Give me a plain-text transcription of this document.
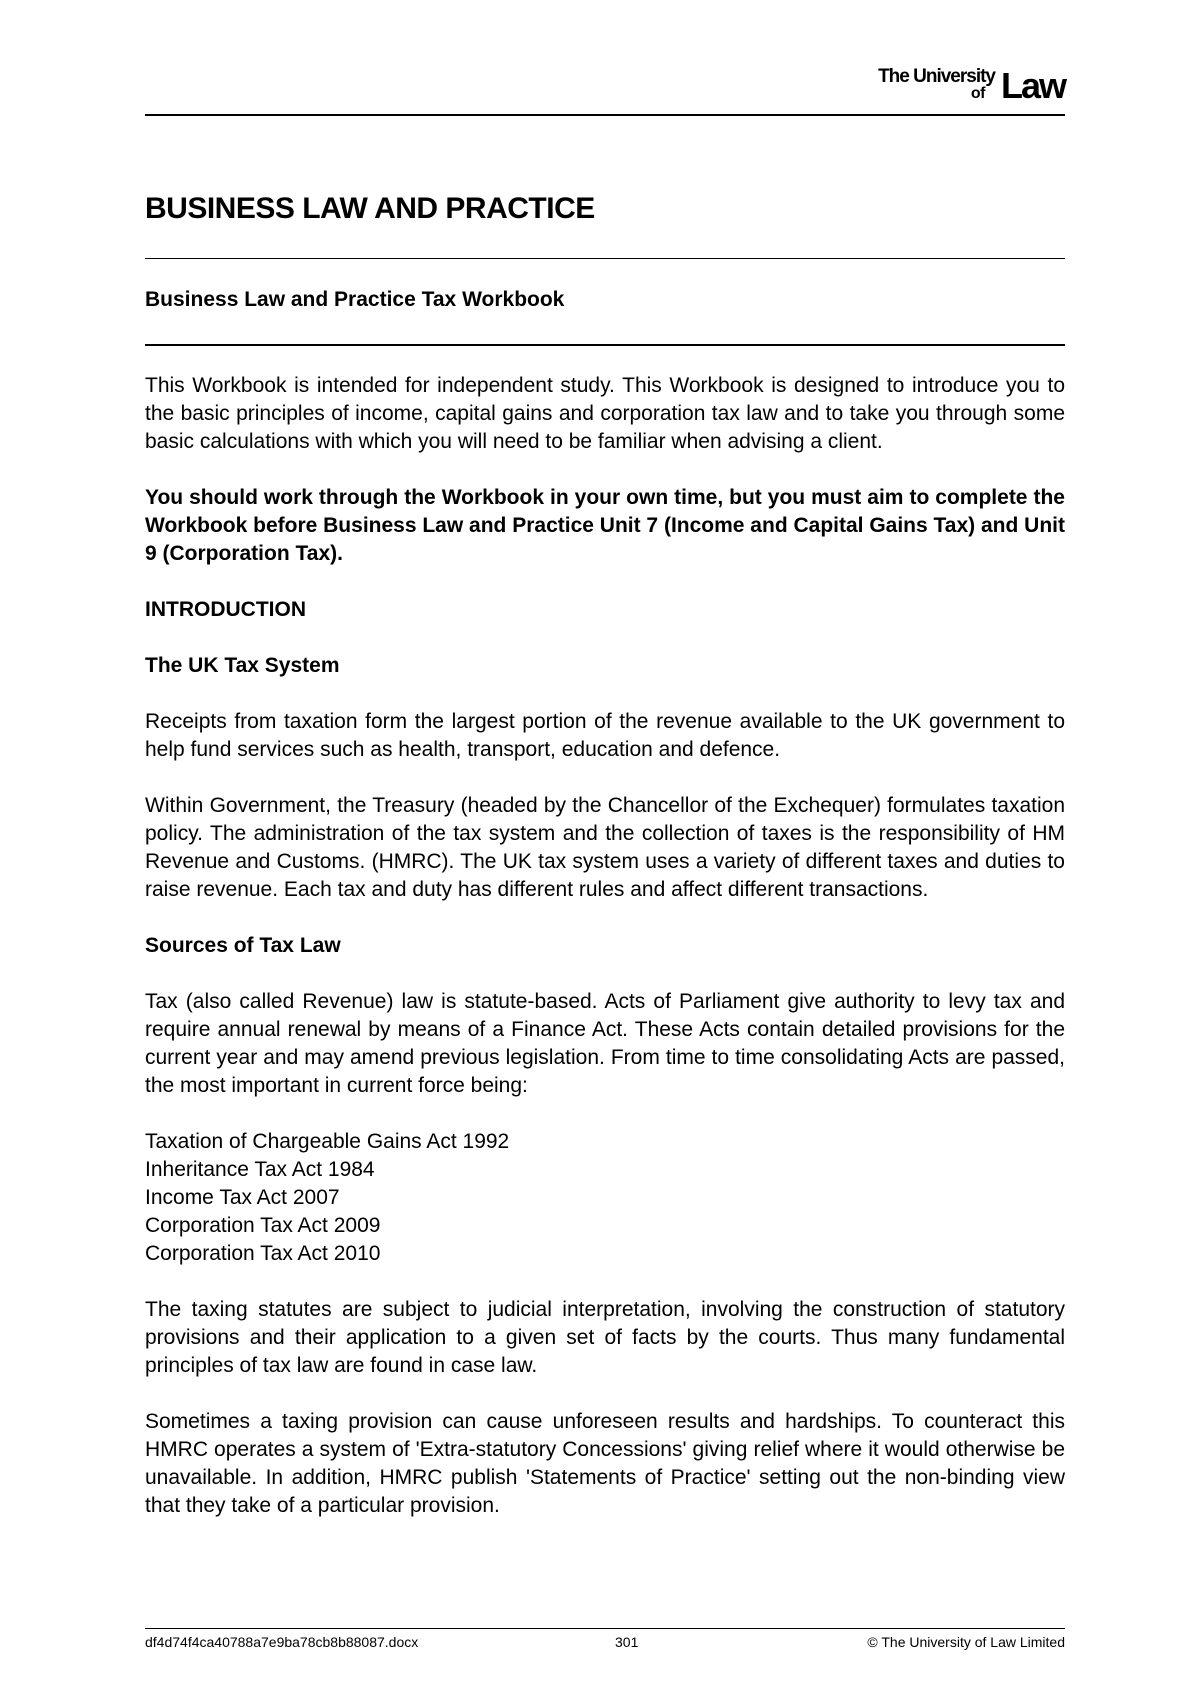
The University
of Law
BUSINESS LAW AND PRACTICE
Business Law and Practice Tax Workbook

This Workbook is intended for independent study. This Workbook is designed to introduce you to the basic principles of income, capital gains and corporation tax law and to take you through some basic calculations with which you will need to be familiar when advising a client.

You should work through the Workbook in your own time, but you must aim to complete the Workbook before Business Law and Practice Unit 7 (Income and Capital Gains Tax) and Unit 9 (Corporation Tax).

INTRODUCTION

The UK Tax System

Receipts from taxation form the largest portion of the revenue available to the UK government to help fund services such as health, transport, education and defence.

Within Government, the Treasury (headed by the Chancellor of the Exchequer) formulates taxation policy. The administration of the tax system and the collection of taxes is the responsibility of HM Revenue and Customs. (HMRC). The UK tax system uses a variety of different taxes and duties to raise revenue. Each tax and duty has different rules and affect different transactions.

Sources of Tax Law

Tax (also called Revenue) law is statute-based. Acts of Parliament give authority to levy tax and require annual renewal by means of a Finance Act. These Acts contain detailed provisions for the current year and may amend previous legislation. From time to time consolidating Acts are passed, the most important in current force being:

Taxation of Chargeable Gains Act 1992
Inheritance Tax Act 1984
Income Tax Act 2007
Corporation Tax Act 2009
Corporation Tax Act 2010

The taxing statutes are subject to judicial interpretation, involving the construction of statutory provisions and their application to a given set of facts by the courts. Thus many fundamental principles of tax law are found in case law.

Sometimes a taxing provision can cause unforeseen results and hardships. To counteract this HMRC operates a system of 'Extra-statutory Concessions' giving relief where it would otherwise be unavailable. In addition, HMRC publish 'Statements of Practice' setting out the non-binding view that they take of a particular provision.

df4d74f4ca40788a7e9ba78cb8b88087.docx	301	© The University of Law Limited
